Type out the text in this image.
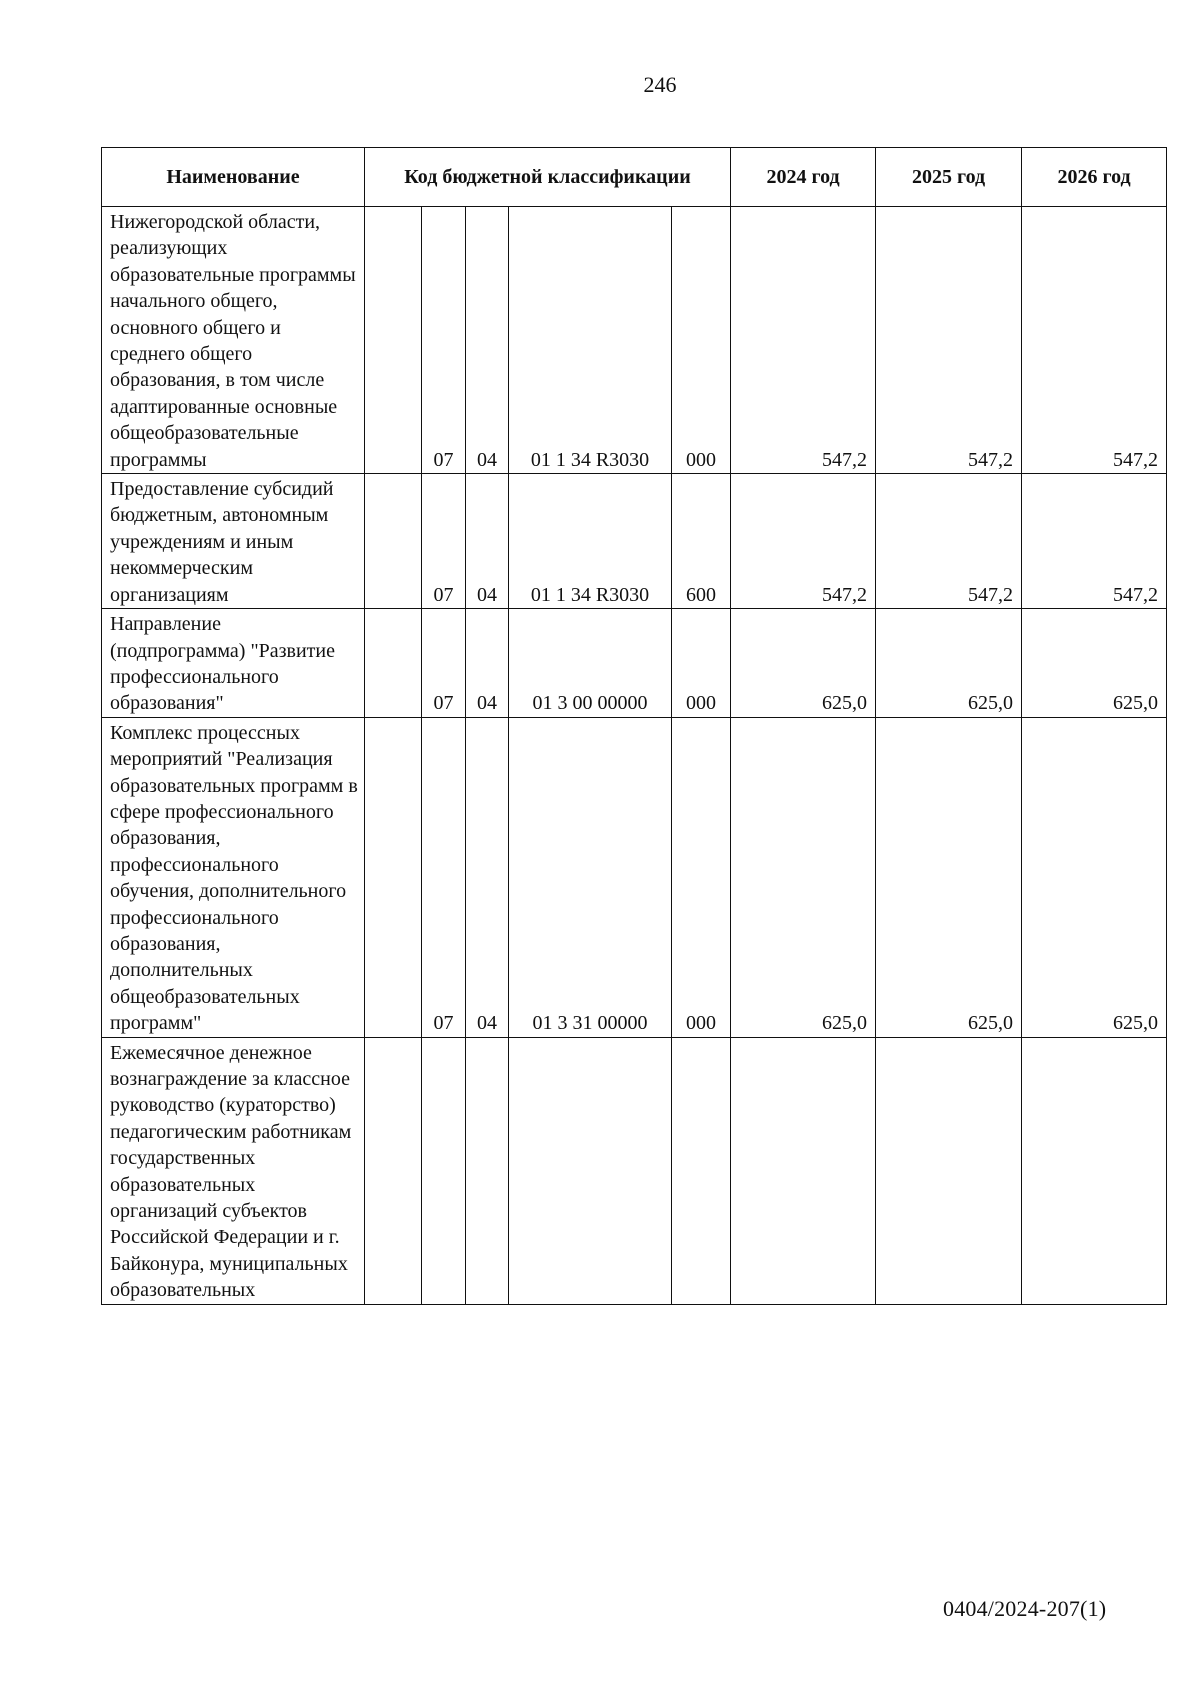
246
Наименование	Код бюджетной классификации					2024 год	2025 год	2026 год
Нижегородской области, реализующих образовательные программы начального общего, основного общего и среднего общего образования, в том числе адаптированные основные общеобразовательные программы		07	04	01 1 34 R3030	000	547,2	547,2	547,2
Предоставление субсидий бюджетным, автономным учреждениям и иным некоммерческим организациям		07	04	01 1 34 R3030	600	547,2	547,2	547,2
Направление (подпрограмма) "Развитие профессионального образования"		07	04	01 3 00 00000	000	625,0	625,0	625,0
Комплекс процессных мероприятий "Реализация образовательных программ в сфере профессионального образования, профессионального обучения, дополнительного профессионального образования, дополнительных общеобразовательных программ"		07	04	01 3 31 00000	000	625,0	625,0	625,0
Ежемесячное денежное вознаграждение за классное руководство (кураторство) педагогическим работникам государственных образовательных организаций субъектов Российской Федерации и г. Байконура, муниципальных образовательных								
0404/2024-207(1)
